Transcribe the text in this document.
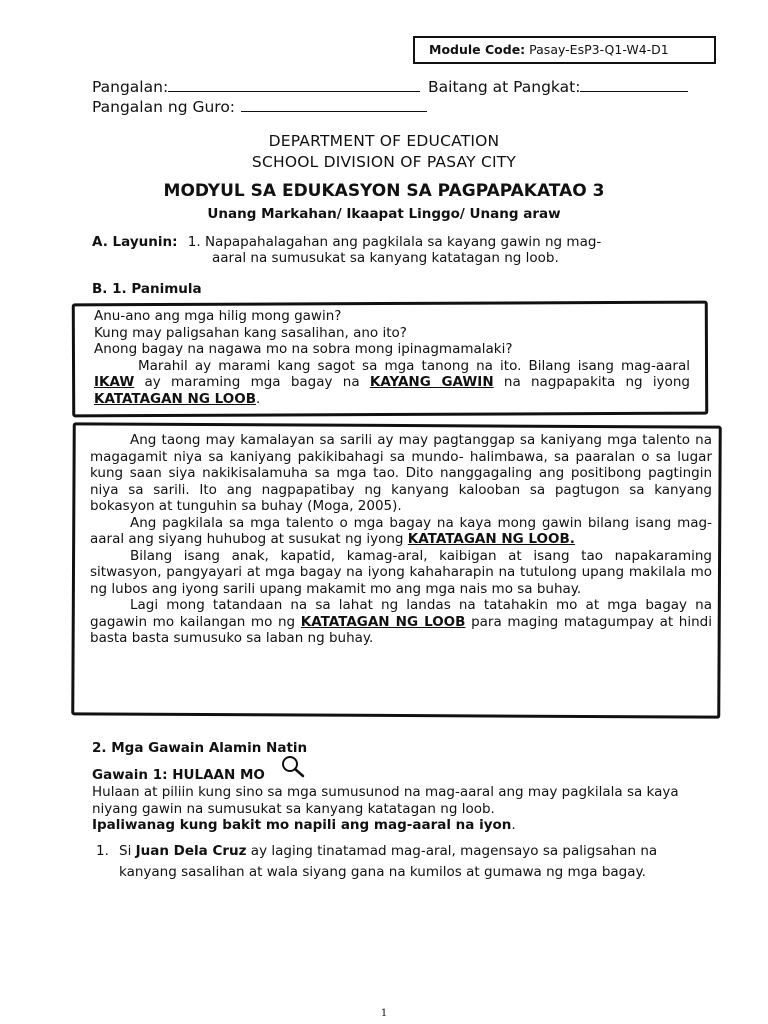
Module Code: Pasay-EsP3-Q1-W4-D1
Pangalan:	Baitang at Pangkat:
Pangalan ng Guro:
DEPARTMENT OF EDUCATION
SCHOOL DIVISION OF PASAY CITY
MODYUL SA EDUKASYON SA PAGPAPAKATAO 3
Unang Markahan/ Ikaapat Linggo/ Unang araw
A. Layunin: 1. Napapahalagahan ang pagkilala sa kayang gawin ng mag-
aaral na sumusukat sa kanyang katatagan ng loob.
B. 1. Panimula
Anu-ano ang mga hilig mong gawin?
Kung may paligsahan kang sasalihan, ano ito?
Anong bagay na nagawa mo na sobra mong ipinagmamalaki?
Marahil ay marami kang sagot sa mga tanong na ito. Bilang isang mag-aaral IKAW ay maraming mga bagay na KAYANG GAWIN na nagpapakita ng iyong KATATAGAN NG LOOB.
Ang taong may kamalayan sa sarili ay may pagtanggap sa kaniyang mga talento na magagamit niya sa kaniyang pakikibahagi sa mundo- halimbawa, sa paaralan o sa lugar kung saan siya nakikisalamuha sa mga tao. Dito nanggagaling ang positibong pagtingin niya sa sarili. Ito ang nagpapatibay ng kanyang kalooban sa pagtugon sa kanyang bokasyon at tunguhin sa buhay (Moga, 2005).
Ang pagkilala sa mga talento o mga bagay na kaya mong gawin bilang isang mag-aaral ang siyang huhubog at susukat ng iyong KATATAGAN NG LOOB.
Bilang isang anak, kapatid, kamag-aral, kaibigan at isang tao napakaraming sitwasyon, pangyayari at mga bagay na iyong kahaharapin na tutulong upang makilala mo ng lubos ang iyong sarili upang makamit mo ang mga nais mo sa buhay.
Lagi mong tatandaan na sa lahat ng landas na tatahakin mo at mga bagay na gagawin mo kailangan mo ng KATATAGAN NG LOOB para maging matagumpay at hindi basta basta sumusuko sa laban ng buhay.
2. Mga Gawain Alamin Natin
Gawain 1: HULAAN MO
Hulaan at piliin kung sino sa mga sumusunod na mag-aaral ang may pagkilala sa kaya niyang gawin na sumusukat sa kanyang katatagan ng loob.
Ipaliwanag kung bakit mo napili ang mag-aaral na iyon.
1. Si Juan Dela Cruz ay laging tinatamad mag-aral, magensayo sa paligsahan na kanyang sasalihan at wala siyang gana na kumilos at gumawa ng mga bagay.
1
